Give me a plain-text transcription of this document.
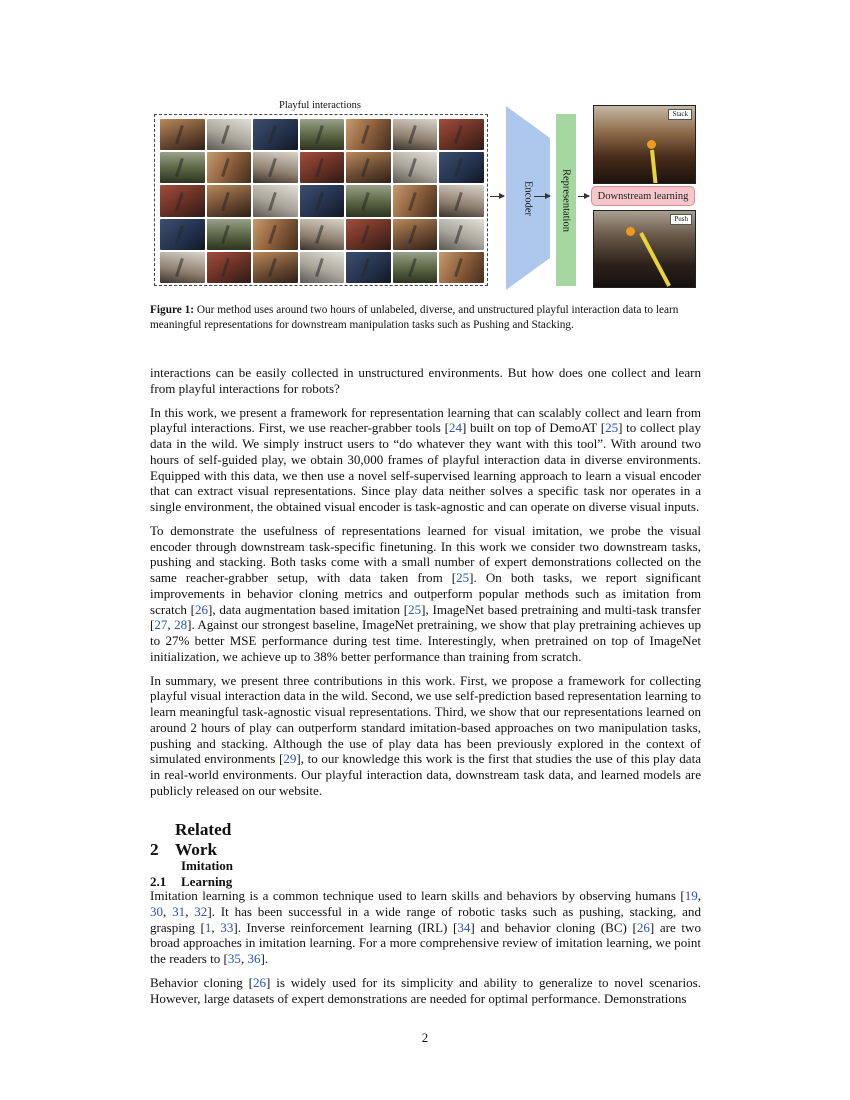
Playful interactions
Encoder	Representation
Stack
Downstream learning
Push
Figure 1: Our method uses around two hours of unlabeled, diverse, and unstructured playful interaction data to learn meaningful representations for downstream manipulation tasks such as Pushing and Stacking.

interactions can be easily collected in unstructured environments. But how does one collect and learn from playful interactions for robots?

In this work, we present a framework for representation learning that can scalably collect and learn from playful interactions. First, we use reacher-grabber tools [24] built on top of DemoAT [25] to collect play data in the wild. We simply instruct users to “do whatever they want with this tool”. With around two hours of self-guided play, we obtain 30,000 frames of playful interaction data in diverse environments. Equipped with this data, we then use a novel self-supervised learning approach to learn a visual encoder that can extract visual representations. Since play data neither solves a specific task nor operates in a single environment, the obtained visual encoder is task-agnostic and can operate on diverse visual inputs.

To demonstrate the usefulness of representations learned for visual imitation, we probe the visual encoder through downstream task-specific finetuning. In this work we consider two downstream tasks, pushing and stacking. Both tasks come with a small number of expert demonstrations collected on the same reacher-grabber setup, with data taken from [25]. On both tasks, we report significant improvements in behavior cloning metrics and outperform popular methods such as imitation from scratch [26], data augmentation based imitation [25], ImageNet based pretraining and multi-task transfer [27, 28]. Against our strongest baseline, ImageNet pretraining, we show that play pretraining achieves up to 27% better MSE performance during test time. Interestingly, when pretrained on top of ImageNet initialization, we achieve up to 38% better performance than training from scratch.

In summary, we present three contributions in this work. First, we propose a framework for collecting playful visual interaction data in the wild. Second, we use self-prediction based representation learning to learn meaningful task-agnostic visual representations. Third, we show that our representations learned on around 2 hours of play can outperform standard imitation-based approaches on two manipulation tasks, pushing and stacking. Although the use of play data has been previously explored in the context of simulated environments [29], to our knowledge this work is the first that studies the use of this play data in real-world environments. Our playful interaction data, downstream task data, and learned models are publicly released on our website.

2Related Work
2.1Imitation Learning

Imitation learning is a common technique used to learn skills and behaviors by observing humans [19, 30, 31, 32]. It has been successful in a wide range of robotic tasks such as pushing, stacking, and grasping [1, 33]. Inverse reinforcement learning (IRL) [34] and behavior cloning (BC) [26] are two broad approaches in imitation learning. For a more comprehensive review of imitation learning, we point the readers to [35, 36].

Behavior cloning [26] is widely used for its simplicity and ability to generalize to novel scenarios. However, large datasets of expert demonstrations are needed for optimal performance. Demonstrations

2
